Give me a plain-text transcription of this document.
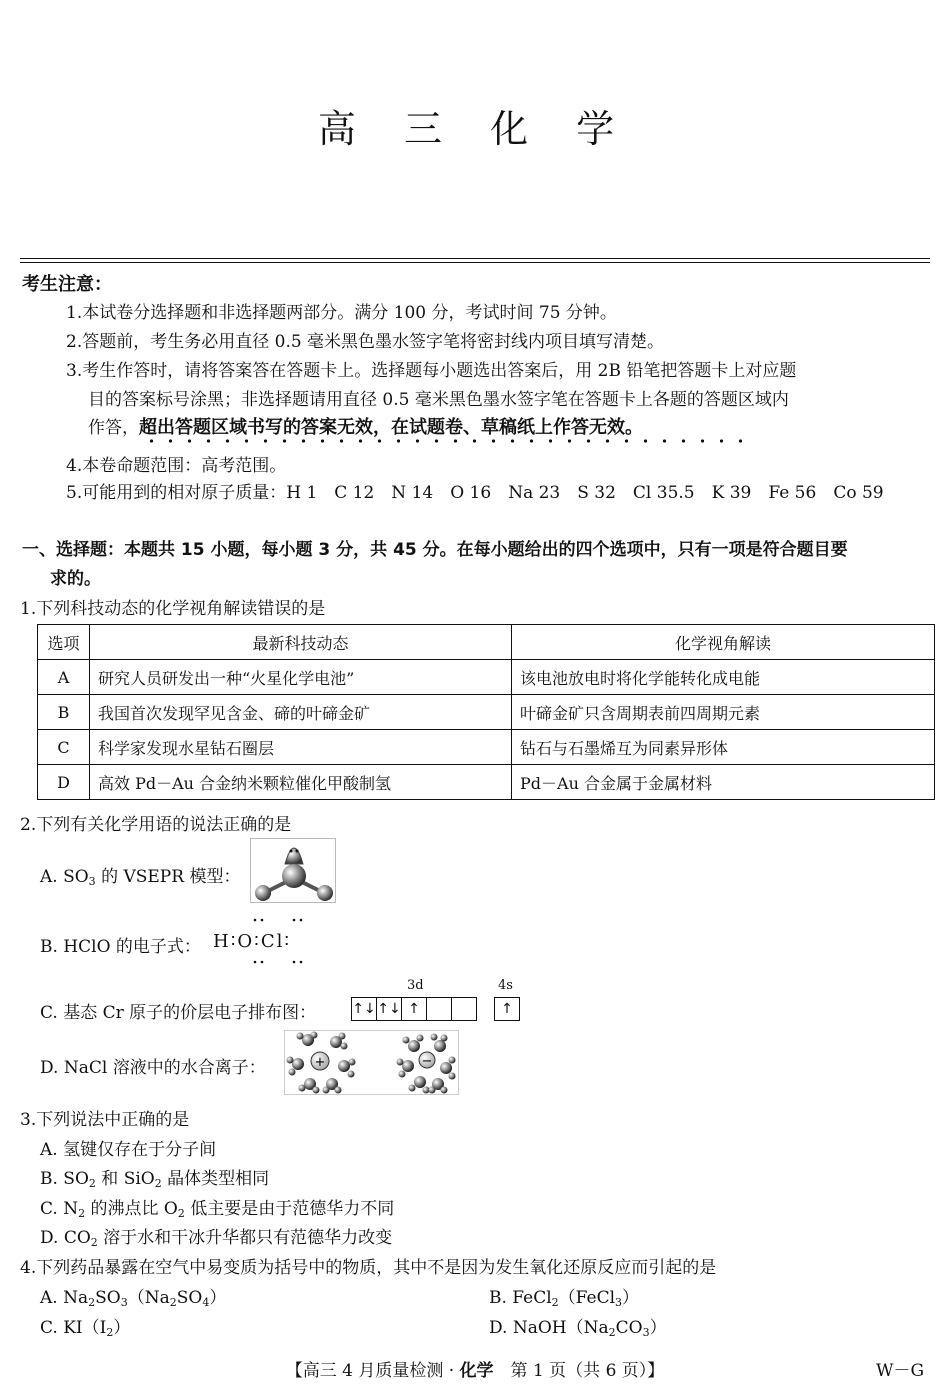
高 三 化 学
考生注意：
1.本试卷分选择题和非选择题两部分。满分 100 分，考试时间 75 分钟。
2.答题前，考生务必用直径 0.5 毫米黑色墨水签字笔将密封线内项目填写清楚。
3.考生作答时，请将答案答在答题卡上。选择题每小题选出答案后，用 2B 铅笔把答题卡上对应题
目的答案标号涂黑；非选择题请用直径 0.5 毫米黑色墨水签字笔在答题卡上各题的答题区域内
作答，超出答题区域书写的答案无效，在试题卷、草稿纸上作答无效。
4.本卷命题范围：高考范围。
5.可能用到的相对原子质量：H 1　C 12　N 14　O 16　Na 23　S 32　Cl 35.5　K 39　Fe 56　Co 59
一、选择题：本题共 15 小题，每小题 3 分，共 45 分。在每小题给出的四个选项中，只有一项是符合题目要
求的。
1.下列科技动态的化学视角解读错误的是
选项	最新科技动态	化学视角解读
A	研究人员研发出一种“火星化学电池”	该电池放电时将化学能转化成电能
B	我国首次发现罕见含金、碲的叶碲金矿	叶碲金矿只含周期表前四周期元素
C	科学家发现水星钻石圈层	钻石与石墨烯互为同素异形体
D	高效 Pd－Au 合金纳米颗粒催化甲酸制氢	Pd－Au 合金属于金属材料
2.下列有关化学用语的说法正确的是
A. $SO_3$ 的 VSEPR 模型：
B. HClO 的电子式： H∶O∶Cl∶
C. 基态 Cr 原子的价层电子排布图：
3d	4s
↑↓ ↑↓ ↑	↑
D. NaCl 溶液中的水合离子：	+	−
3.下列说法中正确的是
A. 氢键仅存在于分子间
B. $SO_2$ 和 SiO$_2$ 晶体类型相同
C. $N_2$ 的沸点比 $O_2$ 低主要是由于范德华力不同
D. $CO_2$ 溶于水和干冰升华都只有范德华力改变
4.下列药品暴露在空气中易变质为括号中的物质，其中不是因为发生氧化还原反应而引起的是
A. $Na_2SO_3(Na_2SO_4)$	B. FeCl$_2$（FeCl$_3$）
C. $KI(I_2)$	D. $NaOH(Na_2CO_3)$
【高三 4 月质量检测 · 化学　第 1 页（共 6 页）】	W－G
